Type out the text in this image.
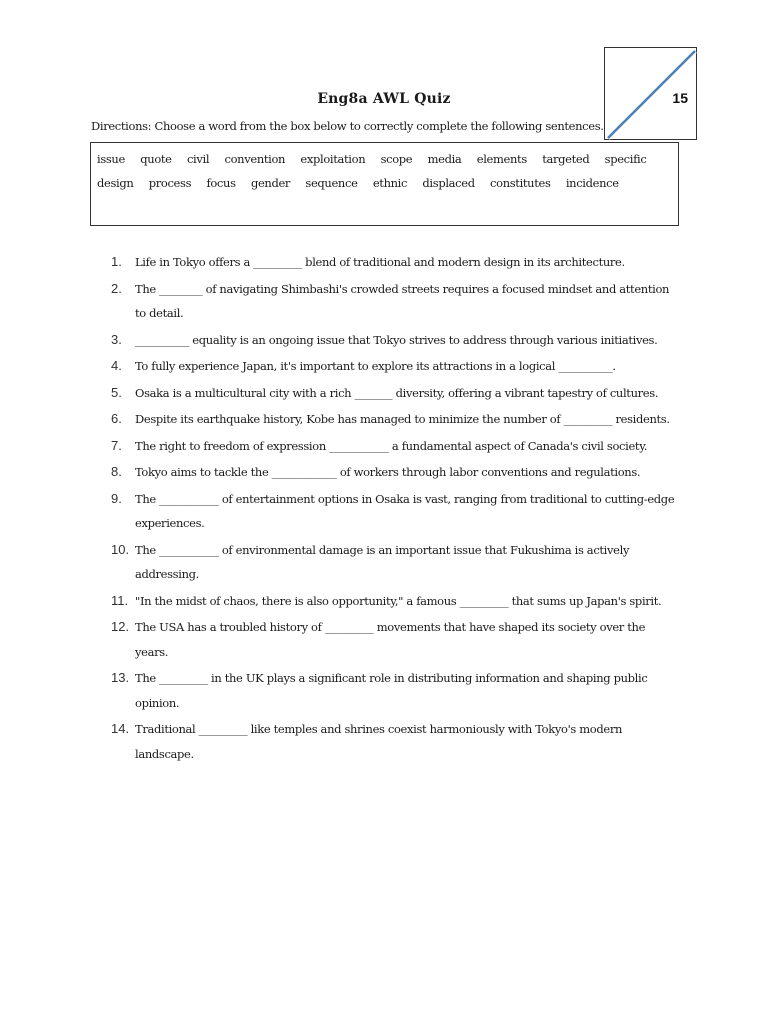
15
Eng8a AWL Quiz
Directions: Choose a word from the box below to correctly complete the following sentences.
issue quote civil convention exploitation scope media elements targeted specific design process focus gender sequence ethnic displaced constitutes incidence
1.	Life in Tokyo offers a _________ blend of traditional and modern design in its architecture.
2.	The ________ of navigating Shimbashi's crowded streets requires a focused mindset and attention to detail.
3.	__________ equality is an ongoing issue that Tokyo strives to address through various initiatives.
4.	To fully experience Japan, it's important to explore its attractions in a logical __________.
5.	Osaka is a multicultural city with a rich _______ diversity, offering a vibrant tapestry of cultures.
6.	Despite its earthquake history, Kobe has managed to minimize the number of _________ residents.
7.	The right to freedom of expression ___________ a fundamental aspect of Canada's civil society.
8.	Tokyo aims to tackle the ____________ of workers through labor conventions and regulations.
9.	The ___________ of entertainment options in Osaka is vast, ranging from traditional to cutting-edge experiences.
10. The ___________ of environmental damage is an important issue that Fukushima is actively addressing.
11. "In the midst of chaos, there is also opportunity," a famous _________ that sums up Japan's spirit.
12. The USA has a troubled history of _________ movements that have shaped its society over the years.
13. The _________ in the UK plays a significant role in distributing information and shaping public opinion.
14. Traditional _________ like temples and shrines coexist harmoniously with Tokyo's modern landscape.
